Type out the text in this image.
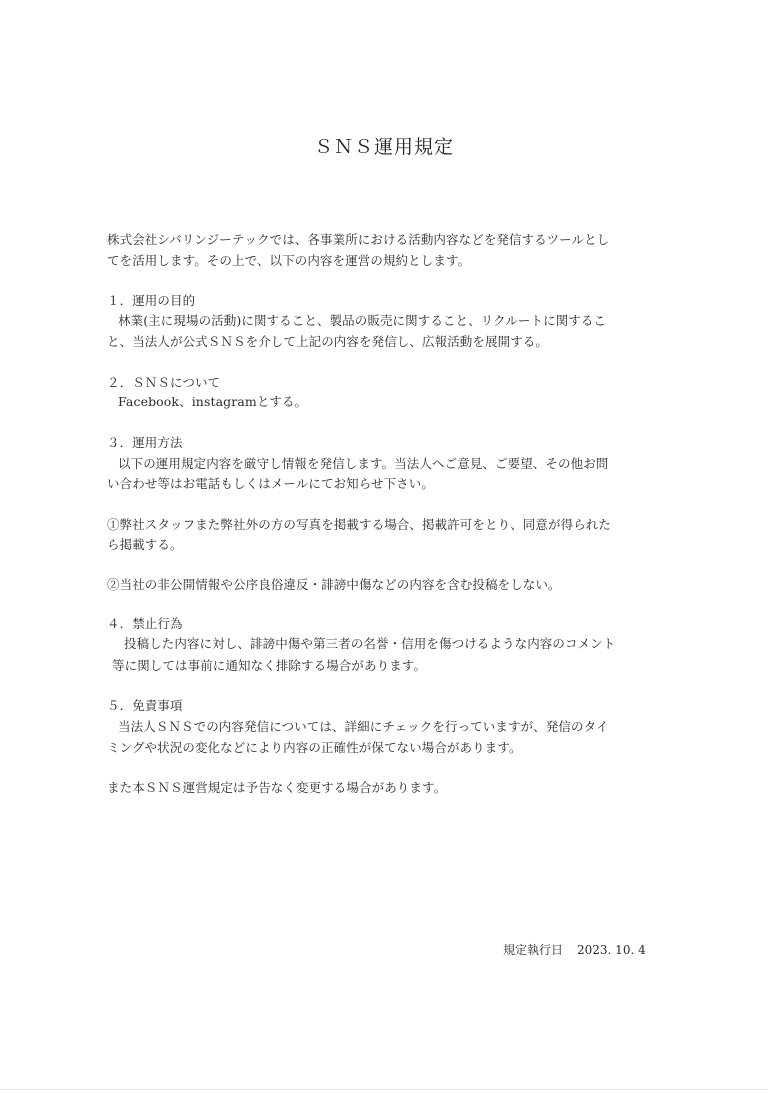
ＳＮＳ運用規定
株式会社シバリンジーテックでは、各事業所における活動内容などを発信するツールとし
てを活用します。その上で、以下の内容を運営の規約とします。
１．運用の目的
林業(主に現場の活動)に関すること、製品の販売に関すること、リクルートに関するこ
と、当法人が公式ＳＮＳを介して上記の内容を発信し、広報活動を展開する。
２．ＳＮＳについて
Facebook、instagramとする。
３．運用方法
以下の運用規定内容を厳守し情報を発信します。当法人へご意見、ご要望、その他お問
い合わせ等はお電話もしくはメールにてお知らせ下さい。
①弊社スタッフまた弊社外の方の写真を掲載する場合、掲載許可をとり、同意が得られた
ら掲載する。
②当社の非公開情報や公序良俗違反・誹謗中傷などの内容を含む投稿をしない。
４．禁止行為
投稿した内容に対し、誹謗中傷や第三者の名誉・信用を傷つけるような内容のコメント
等に関しては事前に通知なく排除する場合があります。
５．免責事項
当法人ＳＮＳでの内容発信については、詳細にチェックを行っていますが、発信のタイ
ミングや状況の変化などにより内容の正確性が保てない場合があります。
また本ＳＮＳ運営規定は予告なく変更する場合があります。
規定執行日 2023. 10. 4
